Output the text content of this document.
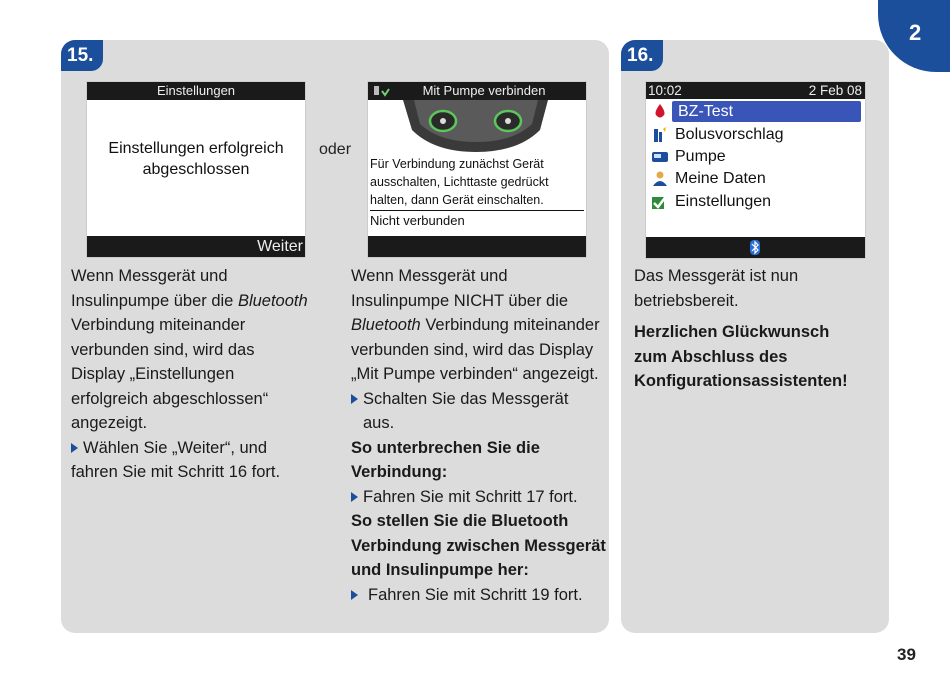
2
15.
Einstellungen
Einstellungen erfolgreich
abgeschlossen
Weiter
oder
Mit Pumpe verbinden
Für Verbindung zunächst Gerät
ausschalten, Lichttaste gedrückt
halten, dann Gerät einschalten.
Nicht verbunden

Wenn Messgerät und

Insulinpumpe über die Bluetooth

Verbindung miteinander

verbunden sind, wird das

Display „Einstellungen

erfolgreich abgeschlossen“

angezeigt.

Wählen Sie „Weiter“, und

fahren Sie mit Schritt 16 fort.

Wenn Messgerät und

Insulinpumpe NICHT über die

Bluetooth Verbindung miteinander

verbunden sind, wird das Display

„Mit Pumpe verbinden“ angezeigt.

Schalten Sie das Messgerät

aus.

So unterbrechen Sie die

Verbindung:

Fahren Sie mit Schritt 17 fort.

So stellen Sie die Bluetooth

Verbindung zwischen Messgerät

und Insulinpumpe her:

Fahren Sie mit Schritt 19 fort.
16.
10:02	2 Feb 08
BZ-Test
Bolusvorschlag
Pumpe
Meine Daten
Einstellungen

Das Messgerät ist nun

betriebsbereit.

Herzlichen Glückwunsch

zum Abschluss des

Konfigurationsassistenten!

39
